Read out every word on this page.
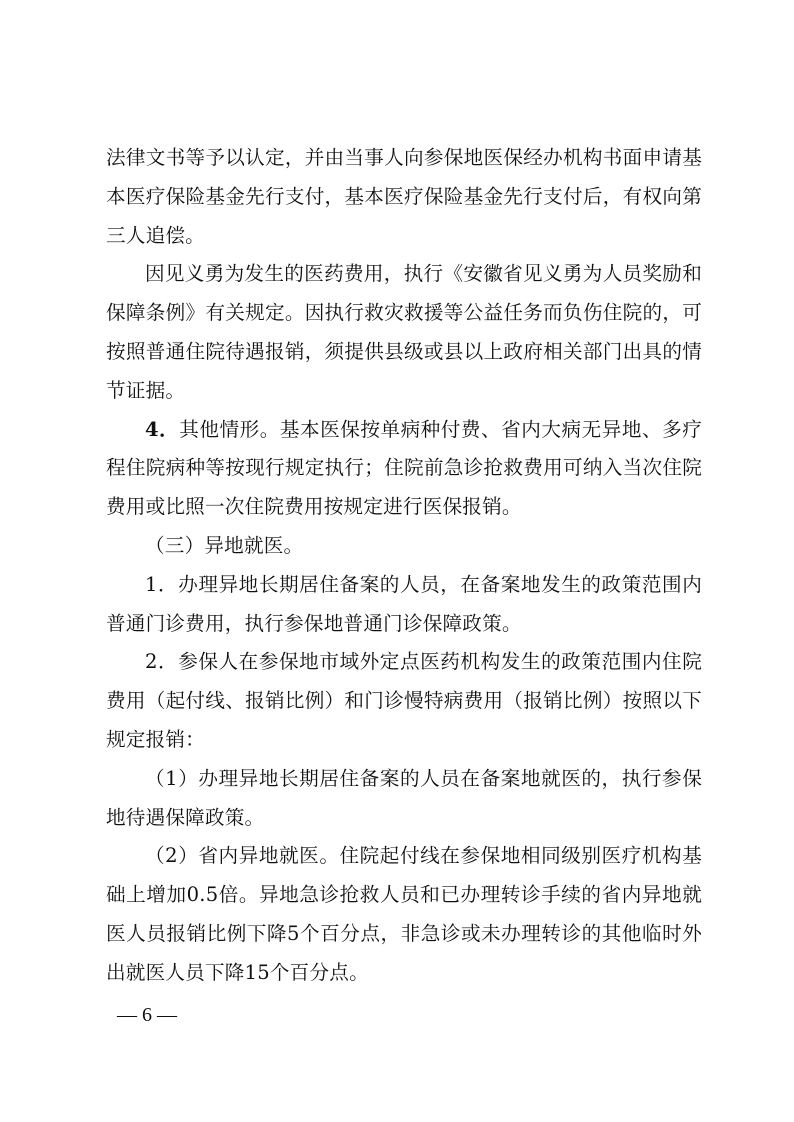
法律文书等予以认定，并由当事人向参保地医保经办机构书面申请基本医疗保险基金先行支付，基本医疗保险基金先行支付后，有权向第三人追偿。

因见义勇为发生的医药费用，执行《安徽省见义勇为人员奖励和保障条例》有关规定。因执行救灾救援等公益任务而负伤住院的，可按照普通住院待遇报销，须提供县级或县以上政府相关部门出具的情节证据。

4．其他情形。基本医保按单病种付费、省内大病无异地、多疗程住院病种等按现行规定执行；住院前急诊抢救费用可纳入当次住院费用或比照一次住院费用按规定进行医保报销。

（三）异地就医。

1．办理异地长期居住备案的人员，在备案地发生的政策范围内普通门诊费用，执行参保地普通门诊保障政策。

2．参保人在参保地市域外定点医药机构发生的政策范围内住院费用（起付线、报销比例）和门诊慢特病费用（报销比例）按照以下规定报销：

（1）办理异地长期居住备案的人员在备案地就医的，执行参保地待遇保障政策。

（2）省内异地就医。住院起付线在参保地相同级别医疗机构基础上增加0.5倍。异地急诊抢救人员和已办理转诊手续的省内异地就医人员报销比例下降5个百分点，非急诊或未办理转诊的其他临时外出就医人员下降15个百分点。

— 6 —
